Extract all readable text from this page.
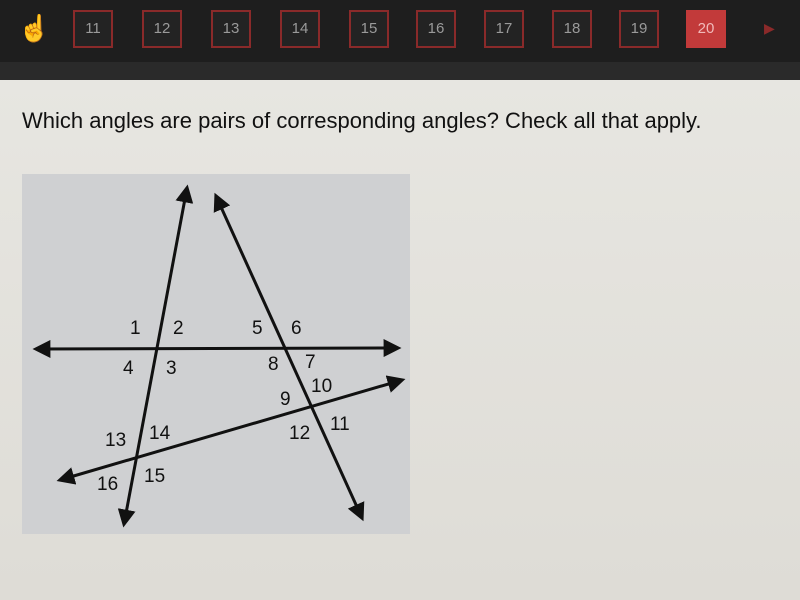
☝	11	12	13	14	15	16	17	18	19	20	▶
Which angles are pairs of corresponding angles? Check all that apply.
1 2
3
4
5 6
7
8
9
10
11
12
13 14
15
16
